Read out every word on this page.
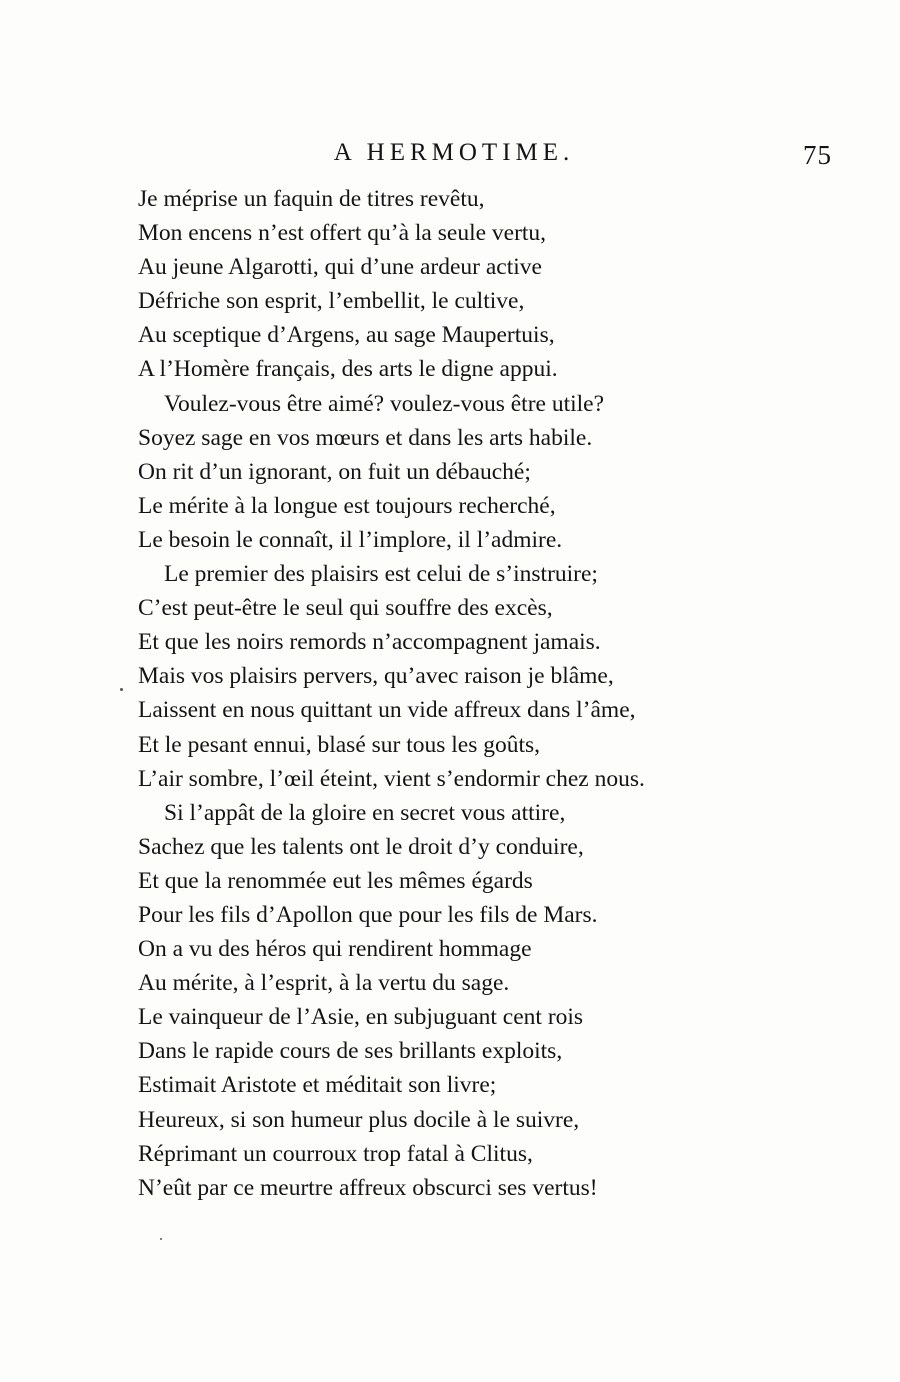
A HERMOTIME.	75
Je méprise un faquin de titres revêtu,
Mon encens n’est offert qu’à la seule vertu,
Au jeune Algarotti, qui d’une ardeur active
Défriche son esprit, l’embellit, le cultive,
Au sceptique d’Argens, au sage Maupertuis,
A l’Homère français, des arts le digne appui.
Voulez-vous être aimé? voulez-vous être utile?
Soyez sage en vos mœurs et dans les arts habile.
On rit d’un ignorant, on fuit un débauché;
Le mérite à la longue est toujours recherché,
Le besoin le connaît, il l’implore, il l’admire.
Le premier des plaisirs est celui de s’instruire;
C’est peut-être le seul qui souffre des excès,
Et que les noirs remords n’accompagnent jamais.
Mais vos plaisirs pervers, qu’avec raison je blâme,
Laissent en nous quittant un vide affreux dans l’âme,
Et le pesant ennui, blasé sur tous les goûts,
L’air sombre, l’œil éteint, vient s’endormir chez nous.
Si l’appât de la gloire en secret vous attire,
Sachez que les talents ont le droit d’y conduire,
Et que la renommée eut les mêmes égards
Pour les fils d’Apollon que pour les fils de Mars.
On a vu des héros qui rendirent hommage
Au mérite, à l’esprit, à la vertu du sage.
Le vainqueur de l’Asie, en subjuguant cent rois
Dans le rapide cours de ses brillants exploits,
Estimait Aristote et méditait son livre;
Heureux, si son humeur plus docile à le suivre,
Réprimant un courroux trop fatal à Clitus,
N’eût par ce meurtre affreux obscurci ses vertus!
